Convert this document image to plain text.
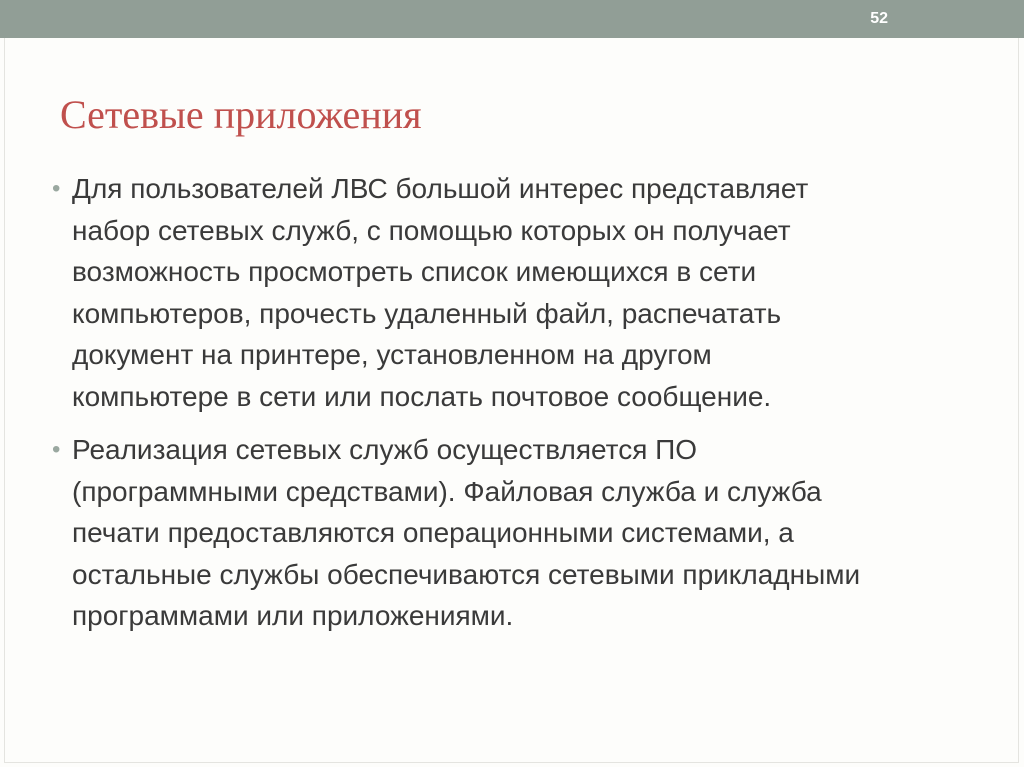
52
Сетевые приложения
• Для пользователей ЛВС большой интерес представляет
набор сетевых служб, с помощью которых он получает
возможность просмотреть список имеющихся в сети
компьютеров, прочесть удаленный файл, распечатать
документ на принтере, установленном на другом
компьютере в сети или послать почтовое сообщение.
• Реализация сетевых служб осуществляется ПО
(программными средствами). Файловая служба и служба
печати предоставляются операционными системами, а
остальные службы обеспечиваются сетевыми прикладными
программами или приложениями.
